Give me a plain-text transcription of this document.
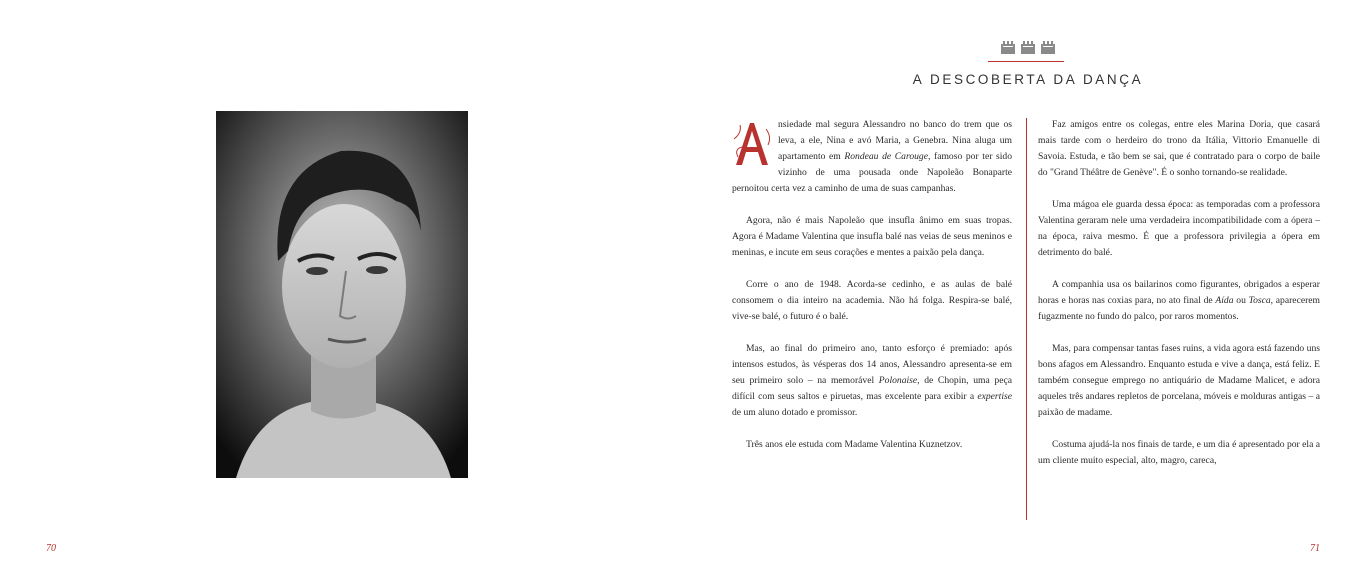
70
A DESCOBERTA DA DANÇA

nsiedade mal segura Alessandro no banco do trem que os leva, a ele, Nina e avó Maria, a Genebra. Nina aluga um apartamento em Rondeau de Carouge, famoso por ter sido vizinho de uma pousada onde Napoleão Bonaparte pernoitou certa vez a caminho de uma de suas campanhas.

Agora, não é mais Napoleão que insufla ânimo em suas tropas. Agora é Madame Valentina que insufla balé nas veias de seus meninos e meninas, e incute em seus corações e mentes a paixão pela dança.

Corre o ano de 1948. Acorda-se cedinho, e as aulas de balé consomem o dia inteiro na academia. Não há folga. Respira-se balé, vive-se balé, o futuro é o balé.

Mas, ao final do primeiro ano, tanto esforço é premiado: após intensos estudos, às vésperas dos 14 anos, Alessandro apresenta-se em seu primeiro solo – na memorável Polonaise, de Chopin, uma peça difícil com seus saltos e piruetas, mas excelente para exibir a expertise de um aluno dotado e promissor.

Três anos ele estuda com Madame Valentina Kuznetzov.

Faz amigos entre os colegas, entre eles Marina Doria, que casará mais tarde com o herdeiro do trono da Itália, Vittorio Emanuelle di Savoia. Estuda, e tão bem se sai, que é contratado para o corpo de baile do "Grand Théâtre de Genève". É o sonho tornando-se realidade.

Uma mágoa ele guarda dessa época: as temporadas com a professora Valentina geraram nele uma verdadeira incompatibilidade com a ópera – na época, raiva mesmo. É que a professora privilegia a ópera em detrimento do balé.

A companhia usa os bailarinos como figurantes, obrigados a esperar horas e horas nas coxias para, no ato final de Aída ou Tosca, aparecerem fugazmente no fundo do palco, por raros momentos.

Mas, para compensar tantas fases ruins, a vida agora está fazendo uns bons afagos em Alessandro. Enquanto estuda e vive a dança, está feliz. E também consegue emprego no antiquário de Madame Malicet, e adora aqueles três andares repletos de porcelana, móveis e molduras antigas – a paixão de madame.

Costuma ajudá-la nos finais de tarde, e um dia é apresentado por ela a um cliente muito especial, alto, magro, careca,

71
